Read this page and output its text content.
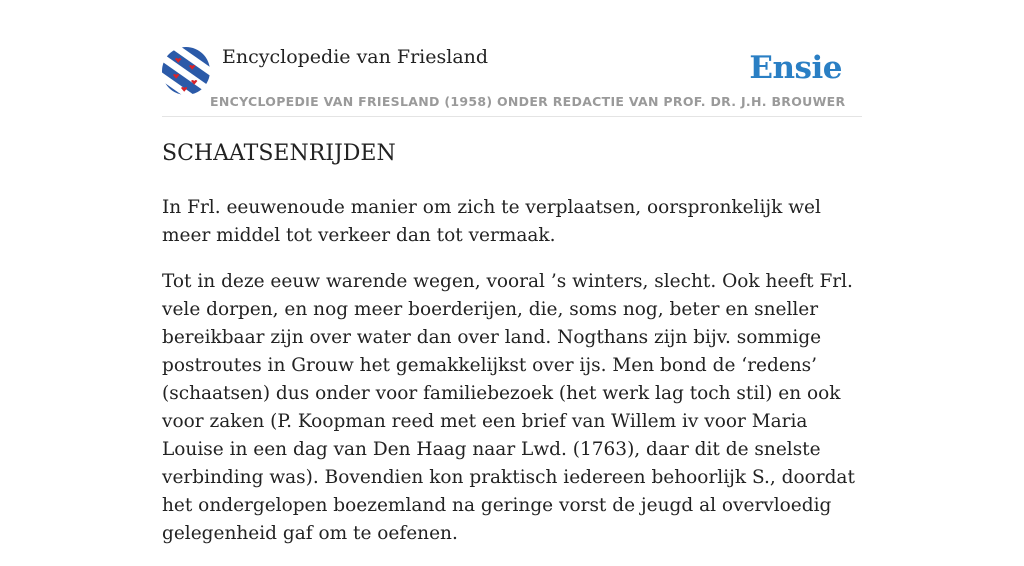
Encyclopedie van Friesland
ENCYCLOPEDIE VAN FRIESLAND (1958) ONDER REDACTIE VAN PROF. DR. J.H. BROUWER
Ensie
SCHAATSENRIJDEN

In Frl. eeuwenoude manier om zich te verplaatsen, oorspronkelijk wel meer middel tot verkeer dan tot vermaak.

Tot in deze eeuw warende wegen, vooral ’s winters, slecht. Ook heeft Frl. vele dorpen, en nog meer boerderijen, die, soms nog, beter en sneller bereikbaar zijn over water dan over land. Nogthans zijn bijv. sommige postroutes in Grouw het gemakkelijkst over ijs. Men bond de ‘redens’ (schaatsen) dus onder voor familiebezoek (het werk lag toch stil) en ook voor zaken (P. Koopman reed met een brief van Willem iv voor Maria Louise in een dag van Den Haag naar Lwd. (1763), daar dit de snelste verbinding was). Bovendien kon praktisch iedereen behoorlijk S., doordat het ondergelopen boezemland na geringe vorst de jeugd al overvloedig gelegenheid gaf om te oefenen.
